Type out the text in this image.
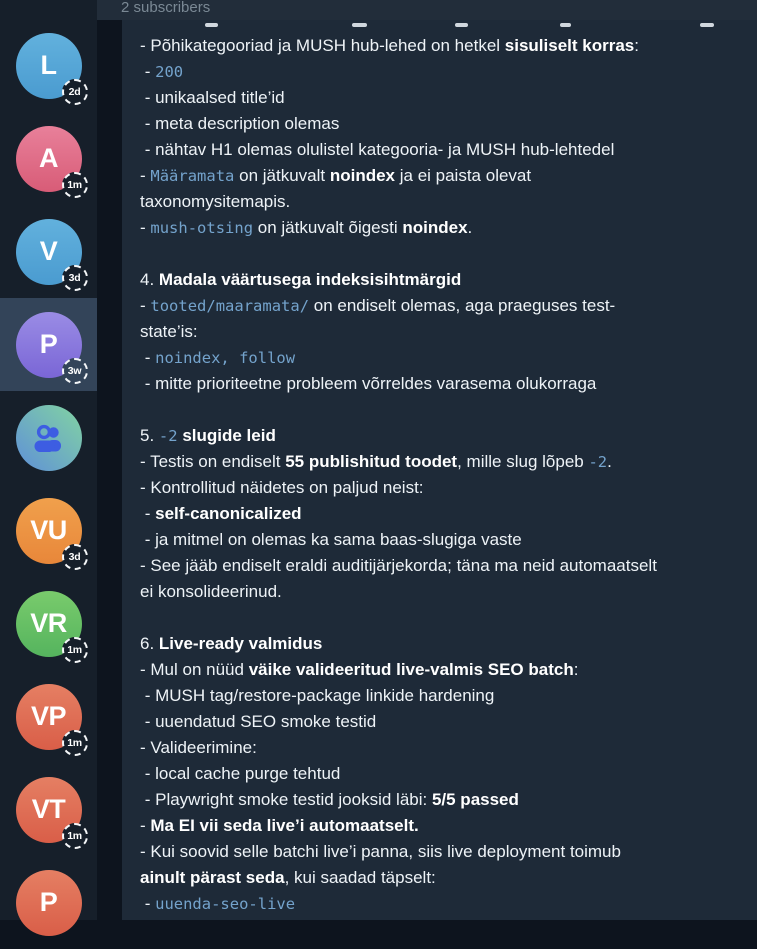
L
2d
A
1m
V
3d
P
3w
VU
3d
VR
1m
VP
1m
VT
1m
P
2 subscribers
- Põhikategooriad ja MUSH hub-lehed on hetkel sisuliselt korras:
- 200
- unikaalsed title’id
- meta description olemas
- nähtav H1 olemas olulistel kategooria- ja MUSH hub-lehtedel
- Määramata on jätkuvalt noindex ja ei paista olevat
taxonomysitemapis.
- mush-otsing on jätkuvalt õigesti noindex.
4. Madala väärtusega indeksisihtmärgid
- tooted/maaramata/ on endiselt olemas, aga praeguses test-
state’is:
- noindex, follow
- mitte prioriteetne probleem võrreldes varasema olukorraga
5. -2 slugide leid
- Testis on endiselt 55 publishitud toodet, mille slug lõpeb -2.
- Kontrollitud näidetes on paljud neist:
- self-canonicalized
- ja mitmel on olemas ka sama baas-slugiga vaste
- See jääb endiselt eraldi auditijärjekorda; täna ma neid automaatselt
ei konsolideerinud.
6. Live-ready valmidus
- Mul on nüüd väike valideeritud live-valmis SEO batch:
- MUSH tag/restore-package linkide hardening
- uuendatud SEO smoke testid
- Valideerimine:
- local cache purge tehtud
- Playwright smoke testid jooksid läbi: 5/5 passed
- Ma EI vii seda live’i automaatselt.
- Kui soovid selle batchi live’i panna, siis live deployment toimub
ainult pärast seda, kui saadad täpselt:
- uuenda-seo-live
